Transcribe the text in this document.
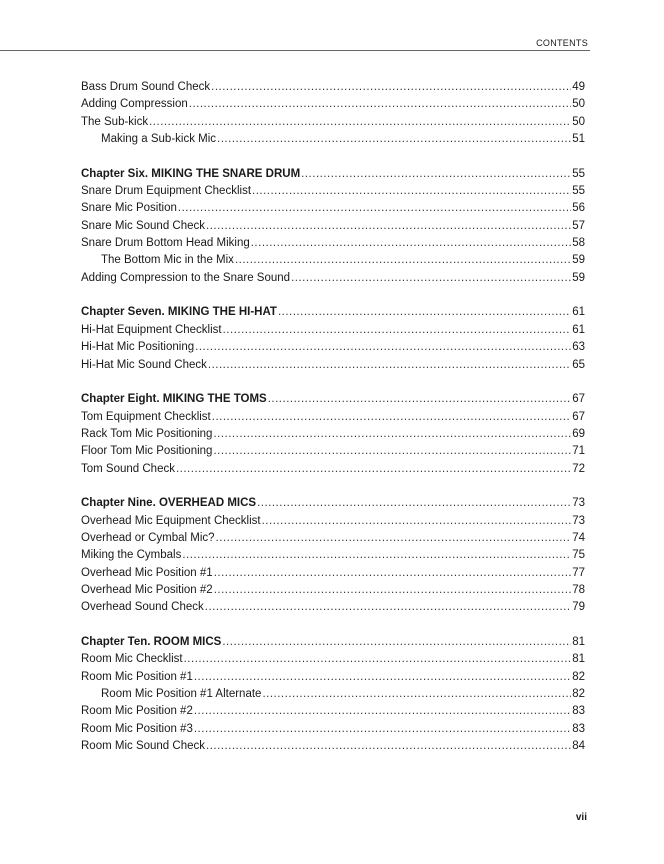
CONTENTS
Bass Drum Sound Check .....	49
Adding Compression .....	50
The Sub-kick .....	50
Making a Sub-kick Mic .....	51
Chapter Six. MIKING THE SNARE DRUM .....	55
Snare Drum Equipment Checklist .....	55
Snare Mic Position .....	56
Snare Mic Sound Check .....	57
Snare Drum Bottom Head Miking .....	58
The Bottom Mic in the Mix .....	59
Adding Compression to the Snare Sound .....	59
Chapter Seven. MIKING THE HI-HAT .....	61
Hi-Hat Equipment Checklist .....	61
Hi-Hat Mic Positioning .....	63
Hi-Hat Mic Sound Check .....	65
Chapter Eight. MIKING THE TOMS .....	67
Tom Equipment Checklist .....	67
Rack Tom Mic Positioning .....	69
Floor Tom Mic Positioning .....	71
Tom Sound Check .....	72
Chapter Nine. OVERHEAD MICS .....	73
Overhead Mic Equipment Checklist .....	73
Overhead or Cymbal Mic? .....	74
Miking the Cymbals .....	75
Overhead Mic Position #1 .....	77
Overhead Mic Position #2 .....	78
Overhead Sound Check .....	79
Chapter Ten. ROOM MICS .....	81
Room Mic Checklist .....	81
Room Mic Position #1 .....	82
Room Mic Position #1 Alternate .....	82
Room Mic Position #2 .....	83
Room Mic Position #3 .....	83
Room Mic Sound Check .....	84
vii
